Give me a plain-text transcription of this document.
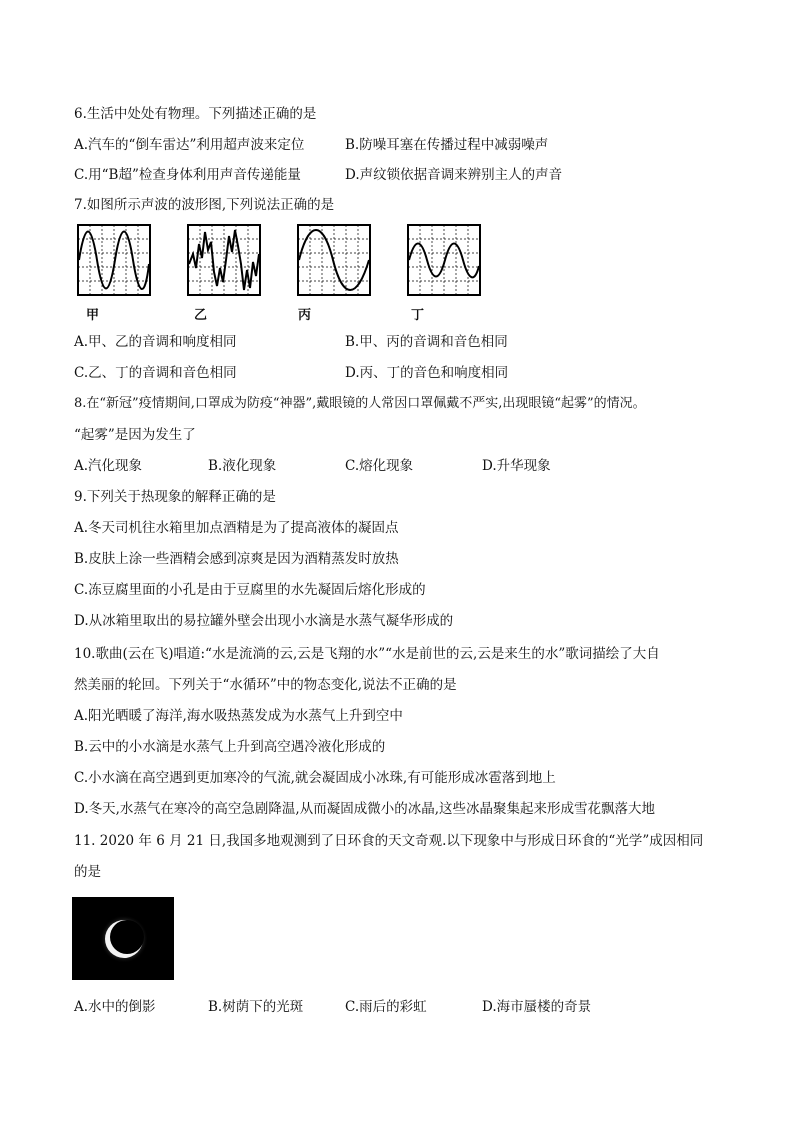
6.生活中处处有物理。下列描述正确的是
A.汽车的“倒车雷达”利用超声波来定位	B.防噪耳塞在传播过程中减弱噪声
C.用“B超”检查身体利用声音传递能量	D.声纹锁依据音调来辨别主人的声音
7.如图所示声波的波形图,下列说法正确的是
甲	乙	丙	丁
A.甲、乙的音调和响度相同	B.甲、丙的音调和音色相同
C.乙、丁的音调和音色相同	D.丙、丁的音色和响度相同
8.在“新冠”疫情期间,口罩成为防疫“神器”,戴眼镜的人常因口罩佩戴不严实,出现眼镜“起雾”的情况。
“起雾”是因为发生了
A.汽化现象	B.液化现象	C.熔化现象	D.升华现象
9.下列关于热现象的解释正确的是
A.冬天司机往水箱里加点酒精是为了提高液体的凝固点
B.皮肤上涂一些酒精会感到凉爽是因为酒精蒸发时放热
C.冻豆腐里面的小孔是由于豆腐里的水先凝固后熔化形成的
D.从冰箱里取出的易拉罐外壁会出现小水滴是水蒸气凝华形成的
10.歌曲(云在飞)唱道:“水是流淌的云,云是飞翔的水”“水是前世的云,云是来生的水”歌词描绘了大自
然美丽的轮回。下列关于“水循环”中的物态变化,说法不正确的是
A.阳光晒暖了海洋,海水吸热蒸发成为水蒸气上升到空中
B.云中的小水滴是水蒸气上升到高空遇冷液化形成的
C.小水滴在高空遇到更加寒冷的气流,就会凝固成小冰珠,有可能形成冰雹落到地上
D.冬天,水蒸气在寒冷的高空急剧降温,从而凝固成微小的冰晶,这些冰晶聚集起来形成雪花飘落大地
11. 2020 年 6 月 21 日,我国多地观测到了日环食的天文奇观.以下现象中与形成日环食的“光学”成因相同
的是
A.水中的倒影	B.树荫下的光斑	C.雨后的彩虹	D.海市蜃楼的奇景
